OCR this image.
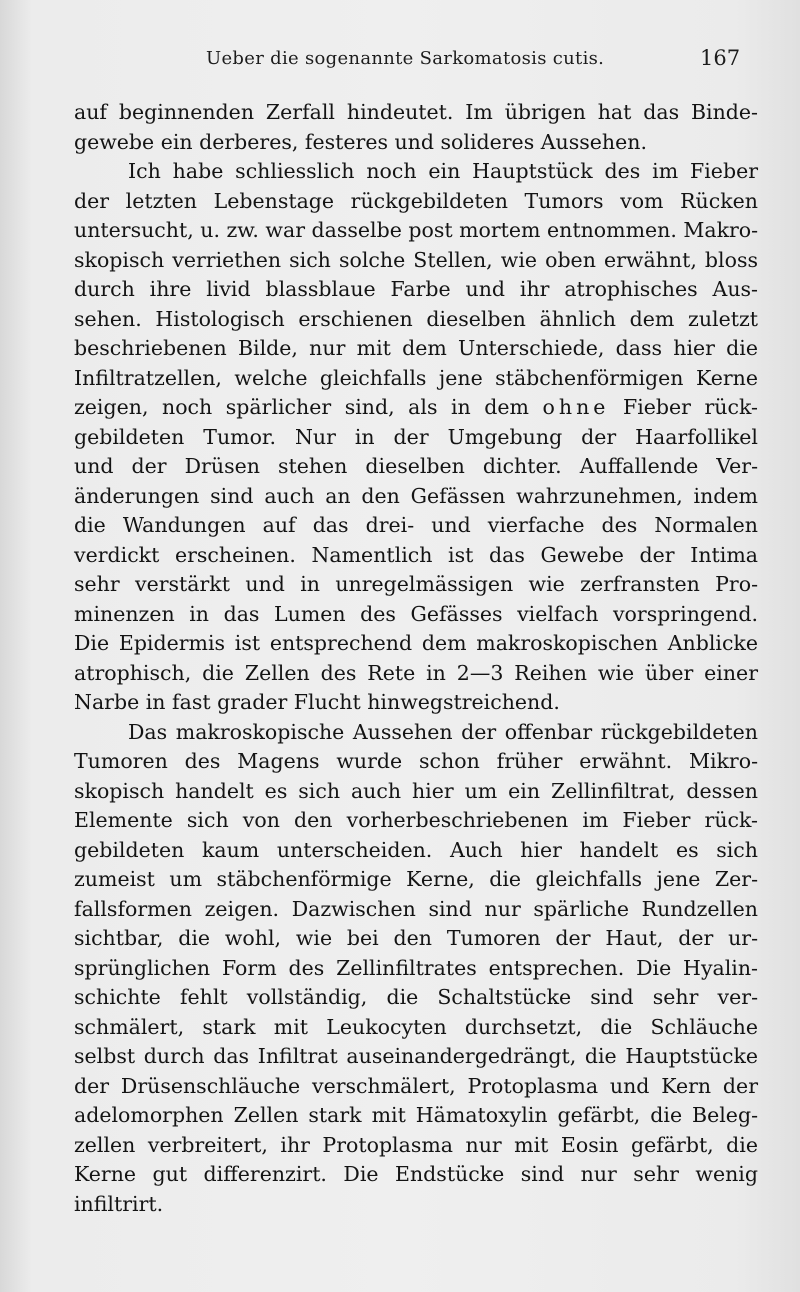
Ueber die sogenannte Sarkomatosis cutis.	167
auf beginnenden Zerfall hindeutet. Im übrigen hat das Binde-
gewebe ein derberes, festeres und solideres Aussehen.
Ich habe schliesslich noch ein Hauptstück des im Fieber
der letzten Lebenstage rückgebildeten Tumors vom Rücken
untersucht, u. zw. war dasselbe post mortem entnommen. Makro-
skopisch verriethen sich solche Stellen, wie oben erwähnt, bloss
durch ihre livid blassblaue Farbe und ihr atrophisches Aus-
sehen. Histologisch erschienen dieselben ähnlich dem zuletzt
beschriebenen Bilde, nur mit dem Unterschiede, dass hier die
Infiltratzellen, welche gleichfalls jene stäbchenförmigen Kerne
zeigen, noch spärlicher sind, als in dem ohne Fieber rück-
gebildeten Tumor. Nur in der Umgebung der Haarfollikel
und der Drüsen stehen dieselben dichter. Auffallende Ver-
änderungen sind auch an den Gefässen wahrzunehmen, indem
die Wandungen auf das drei- und vierfache des Normalen
verdickt erscheinen. Namentlich ist das Gewebe der Intima
sehr verstärkt und in unregelmässigen wie zerfransten Pro-
minenzen in das Lumen des Gefässes vielfach vorspringend.
Die Epidermis ist entsprechend dem makroskopischen Anblicke
atrophisch, die Zellen des Rete in 2—3 Reihen wie über einer
Narbe in fast grader Flucht hinwegstreichend.
Das makroskopische Aussehen der offenbar rückgebildeten
Tumoren des Magens wurde schon früher erwähnt. Mikro-
skopisch handelt es sich auch hier um ein Zellinfiltrat, dessen
Elemente sich von den vorherbeschriebenen im Fieber rück-
gebildeten kaum unterscheiden. Auch hier handelt es sich
zumeist um stäbchenförmige Kerne, die gleichfalls jene Zer-
fallsformen zeigen. Dazwischen sind nur spärliche Rundzellen
sichtbar, die wohl, wie bei den Tumoren der Haut, der ur-
sprünglichen Form des Zellinfiltrates entsprechen. Die Hyalin-
schichte fehlt vollständig, die Schaltstücke sind sehr ver-
schmälert, stark mit Leukocyten durchsetzt, die Schläuche
selbst durch das Infiltrat auseinandergedrängt, die Hauptstücke
der Drüsenschläuche verschmälert, Protoplasma und Kern der
adelomorphen Zellen stark mit Hämatoxylin gefärbt, die Beleg-
zellen verbreitert, ihr Protoplasma nur mit Eosin gefärbt, die
Kerne gut differenzirt. Die Endstücke sind nur sehr wenig
infiltrirt.
